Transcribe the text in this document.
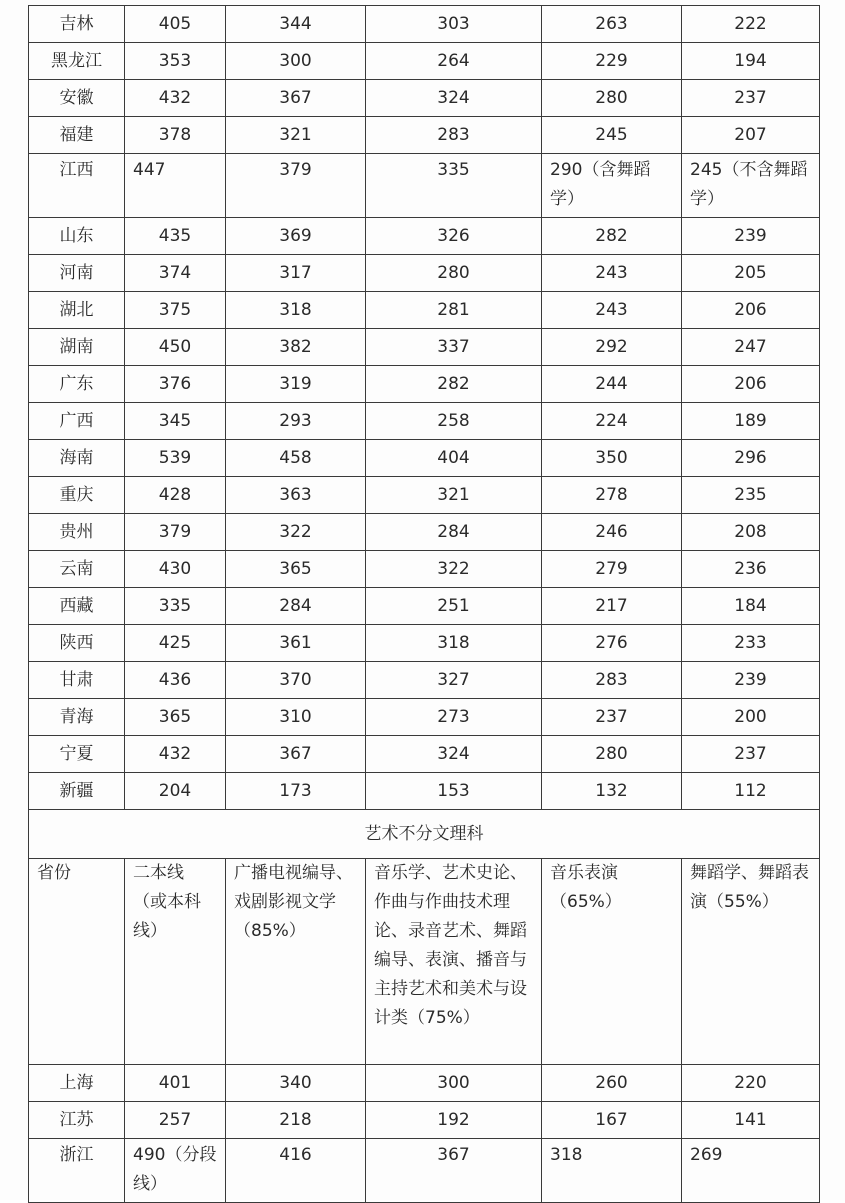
吉林	405	344	303	263	222
黑龙江	353	300	264	229	194
安徽	432	367	324	280	237
福建	378	321	283	245	207
江西	447	379	335	290（含舞蹈学）	245（不含舞蹈学）
山东	435	369	326	282	239
河南	374	317	280	243	205
湖北	375	318	281	243	206
湖南	450	382	337	292	247
广东	376	319	282	244	206
广西	345	293	258	224	189
海南	539	458	404	350	296
重庆	428	363	321	278	235
贵州	379	322	284	246	208
云南	430	365	322	279	236
西藏	335	284	251	217	184
陕西	425	361	318	276	233
甘肃	436	370	327	283	239
青海	365	310	273	237	200
宁夏	432	367	324	280	237
新疆	204	173	153	132	112
艺术不分文理科					
省份	二本线（或本科线）	广播电视编导、戏剧影视文学（85%）	音乐学、艺术史论、作曲与作曲技术理论、录音艺术、舞蹈编导、表演、播音与主持艺术和美术与设计类（75%）	音乐表演（65%）	舞蹈学、舞蹈表演（55%）
上海	401	340	300	260	220
江苏	257	218	192	167	141
浙江	490（分段线）	416	367	318	269
